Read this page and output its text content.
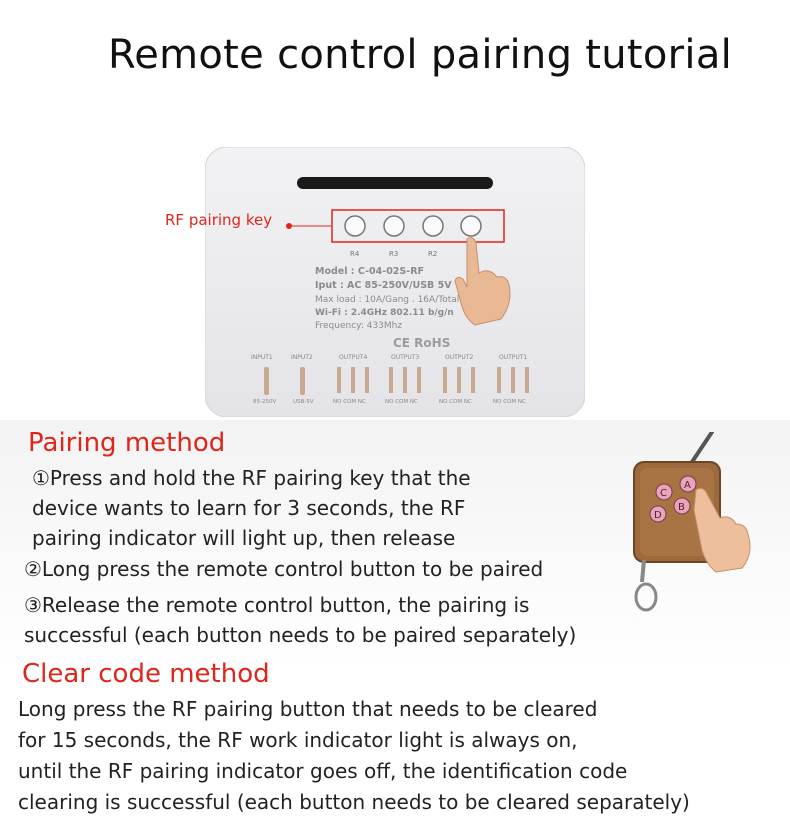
Remote control pairing tutorial
R4	R3	R2
Model : C-04-02S-RF
Iput : AC 85-250V/USB 5V
Max load : 10A/Gang . 16A/Total
Wi-Fi : 2.4GHz 802.11 b/g/n
Frequency: 433Mhz
CE RoHS
INPUT1	INPUT2
85-250V	USB-5V
OUTPUT4
NO COM NC
OUTPUT3
NO COM NC
OUTPUT2
NO COM NC
OUTPUT1
NO COM NC
RF pairing key
Pairing method
①Press and hold the RF pairing key that the
device wants to learn for 3 seconds, the RF
pairing indicator will light up, then release
②Long press the remote control button to be paired
③Release the remote control button, the pairing is
successful (each button needs to be paired separately)
C
A
D
B
Clear code method
Long press the RF pairing button that needs to be cleared
for 15 seconds, the RF work indicator light is always on,
until the RF pairing indicator goes off, the identification code
clearing is successful (each button needs to be cleared separately)
